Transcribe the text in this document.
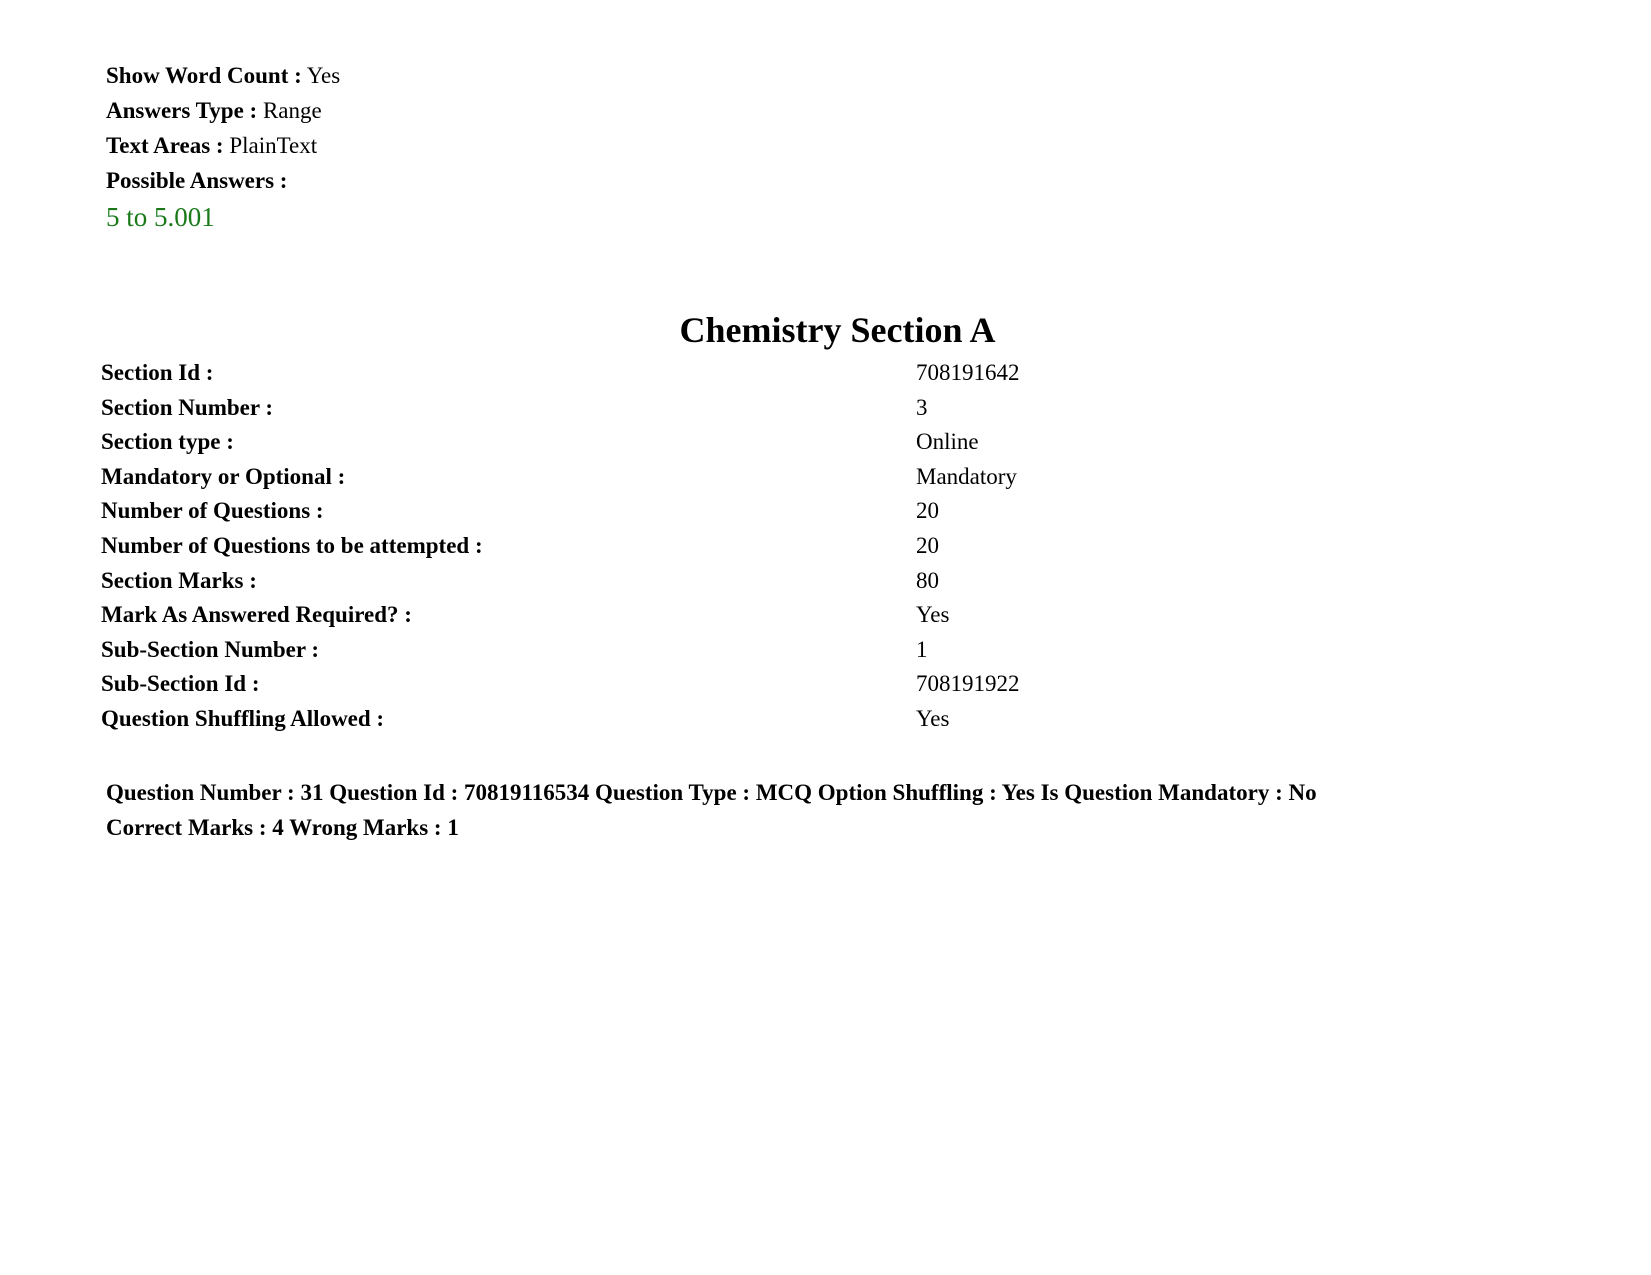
Show Word Count : Yes
Answers Type : Range
Text Areas : PlainText
Possible Answers :
5 to 5.001
Chemistry Section A
Section Id :	708191642
Section Number :	3
Section type :	Online
Mandatory or Optional :	Mandatory
Number of Questions :	20
Number of Questions to be attempted :	20
Section Marks :	80
Mark As Answered Required? :	Yes
Sub-Section Number :	1
Sub-Section Id :	708191922
Question Shuffling Allowed :	Yes
Question Number : 31 Question Id : 70819116534 Question Type : MCQ Option Shuffling : Yes Is Question Mandatory : No
Correct Marks : 4 Wrong Marks : 1
